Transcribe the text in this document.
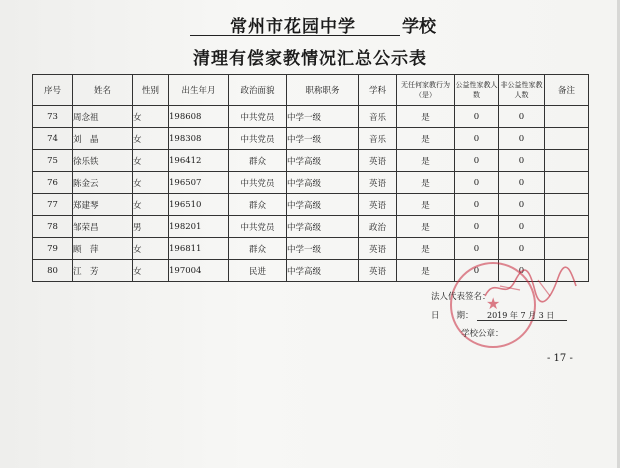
常州市花园中学	学校
清理有偿家教情况汇总公示表
序号	姓名	性别	出生年月	政治面貌	职称职务	学科	无任何家教行为（是）	公益性家教人数	非公益性家教人数	备注
73	周念祖	女	198608	中共党员	中学一级	音乐	是	0	0	
74	刘　晶	女	198308	中共党员	中学一级	音乐	是	0	0	
75	徐乐铁	女	196412	群众	中学高级	英语	是	0	0	
76	陈金云	女	196507	中共党员	中学高级	英语	是	0	0	
77	郑建琴	女	196510	群众	中学高级	英语	是	0	0	
78	邹荣昌	男	198201	中共党员	中学高级	政治	是	0	0	
79	顾　萍	女	196811	群众	中学一级	英语	是	0	0	
80	江　芳	女	197004	民进	中学高级	英语	是	0	0	
★
法人代表签名：
日　　期： 2019 年 7 月 3 日
学校公章：
- 17 -
